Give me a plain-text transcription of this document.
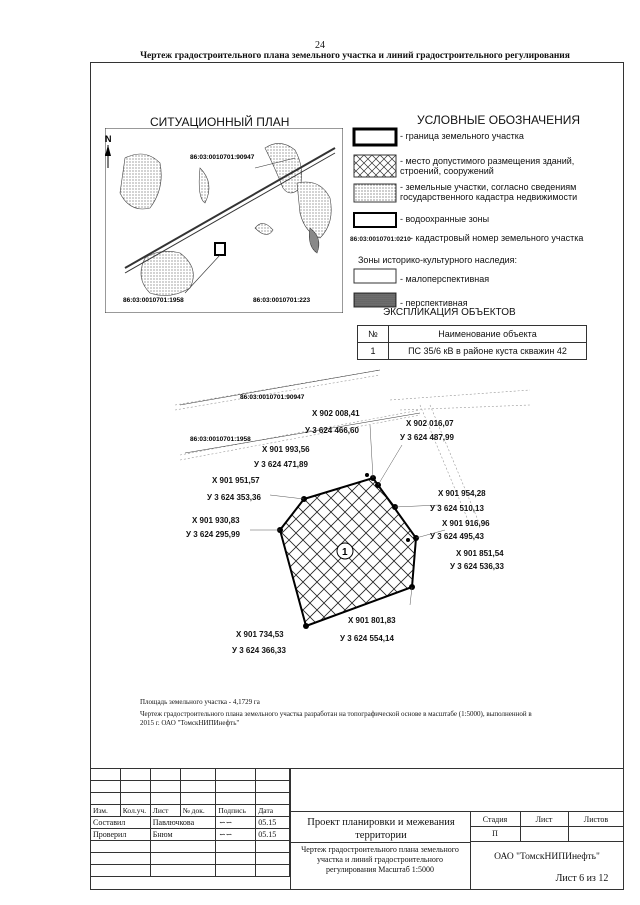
24
Чертеж градостроительного плана земельного участка и линий градостроительного регулирования
СИТУАЦИОННЫЙ ПЛАН
N
86:03:0010701:90947
86:03:0010701:1958	86:03:0010701:223
УСЛОВНЫЕ ОБОЗНАЧЕНИЯ
- граница земельного участка
- место допустимого размещения зданий, строений, сооружений
- земельные участки, согласно сведениям государственного кадастра недвижимости
- водоохранные зоны
86:03:0010701:0210 - кадастровый номер земельного участка
Зоны историко-культурного наследия:
- малоперспективная
- перспективная
ЭКСПЛИКАЦИЯ ОБЪЕКТОВ
№	Наименование объекта
1	ПС 35/6 кВ в районе куста скважин 42
1
86:03:0010701:90947
86:03:0010701:1958
X 902 008,41
У 3 624 466,60
X 902 016,07
У 3 624 487,99
X 901 993,56
У 3 624 471,89
X 901 951,57
У 3 624 353,36	X 901 954,28
У 3 624 510,13
X 901 930,83
У 3 624 295,99
X 901 916,96
У 3 624 495,43
X 901 851,54
У 3 624 536,33
X 901 801,83
У 3 624 554,14
X 901 734,53
У 3 624 366,33
Площадь земельного участка - 4,1729 га
Чертеж градостроительного плана земельного участка разработан на топографической основе в масштабе (1:5000), выполненной в 2015 г. ОАО "ТомскНИПИнефть"

Изм.	Кол.уч.	Лист	№ док.	Подпись	Дата
Составил		Павлючкова		∽∽	05.15
Проверил		Бнюм		∽∽	05.15

Проект планировки и межевания территории
Стадия	Лист	Листов
П
Чертеж градостроительного плана земельного участка и линий градостроительного регулирования Масштаб 1:5000
ОАО "ТомскНИПИнефть"
Лист 6 из 12
